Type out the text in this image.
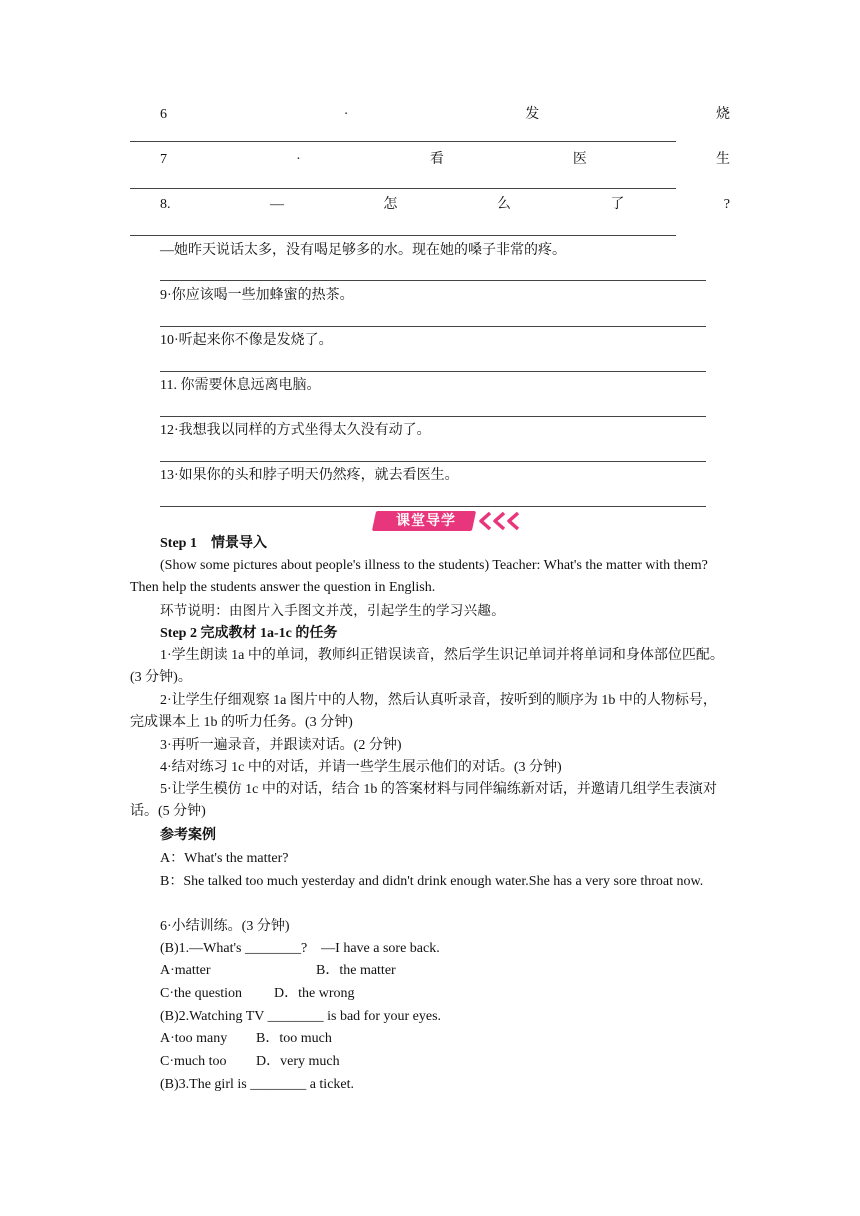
6	·	发	烧
7	·	看	医	生
8.	—	怎	么	了	?
—她昨天说话太多，没有喝足够多的水。现在她的嗓子非常的疼。
9·你应该喝一些加蜂蜜的热茶。
10·听起来你不像是发烧了。
11. 你需要休息远离电脑。
12·我想我以同样的方式坐得太久没有动了。
13·如果你的头和脖子明天仍然疼，就去看医生。
课堂导学
Step 1　情景导入
(Show some pictures about people's illness to the students) Teacher: What's the matter with them? Then help the students answer the question in English.
环节说明：由图片入手图文并茂，引起学生的学习兴趣。
Step 2 完成教材 1a-1c 的任务
1·学生朗读 1a 中的单词，教师纠正错误读音，然后学生识记单词并将单词和身体部位匹配。(3 分钟)。
2·让学生仔细观察 1a 图片中的人物，然后认真听录音，按听到的顺序为 1b 中的人物标号，完成课本上 1b 的听力任务。(3 分钟)
3·再听一遍录音，并跟读对话。(2 分钟)
4·结对练习 1c 中的对话，并请一些学生展示他们的对话。(3 分钟)
5·让学生模仿 1c 中的对话，结合 1b 的答案材料与同伴编练新对话，并邀请几组学生表演对话。(5 分钟)
参考案例
A：What's the matter?
B：She talked too much yesterday and didn't drink enough water.She has a very sore throat now.
6·小结训练。(3 分钟)
(B)1.—What's ________?　—I have a sore back.
A·matter	B．the matter
C·the question D．the wrong
(B)2.Watching TV ________ is bad for your eyes.
A·too many B．too much
C·much too D．very much
(B)3.The girl is ________ a ticket.
